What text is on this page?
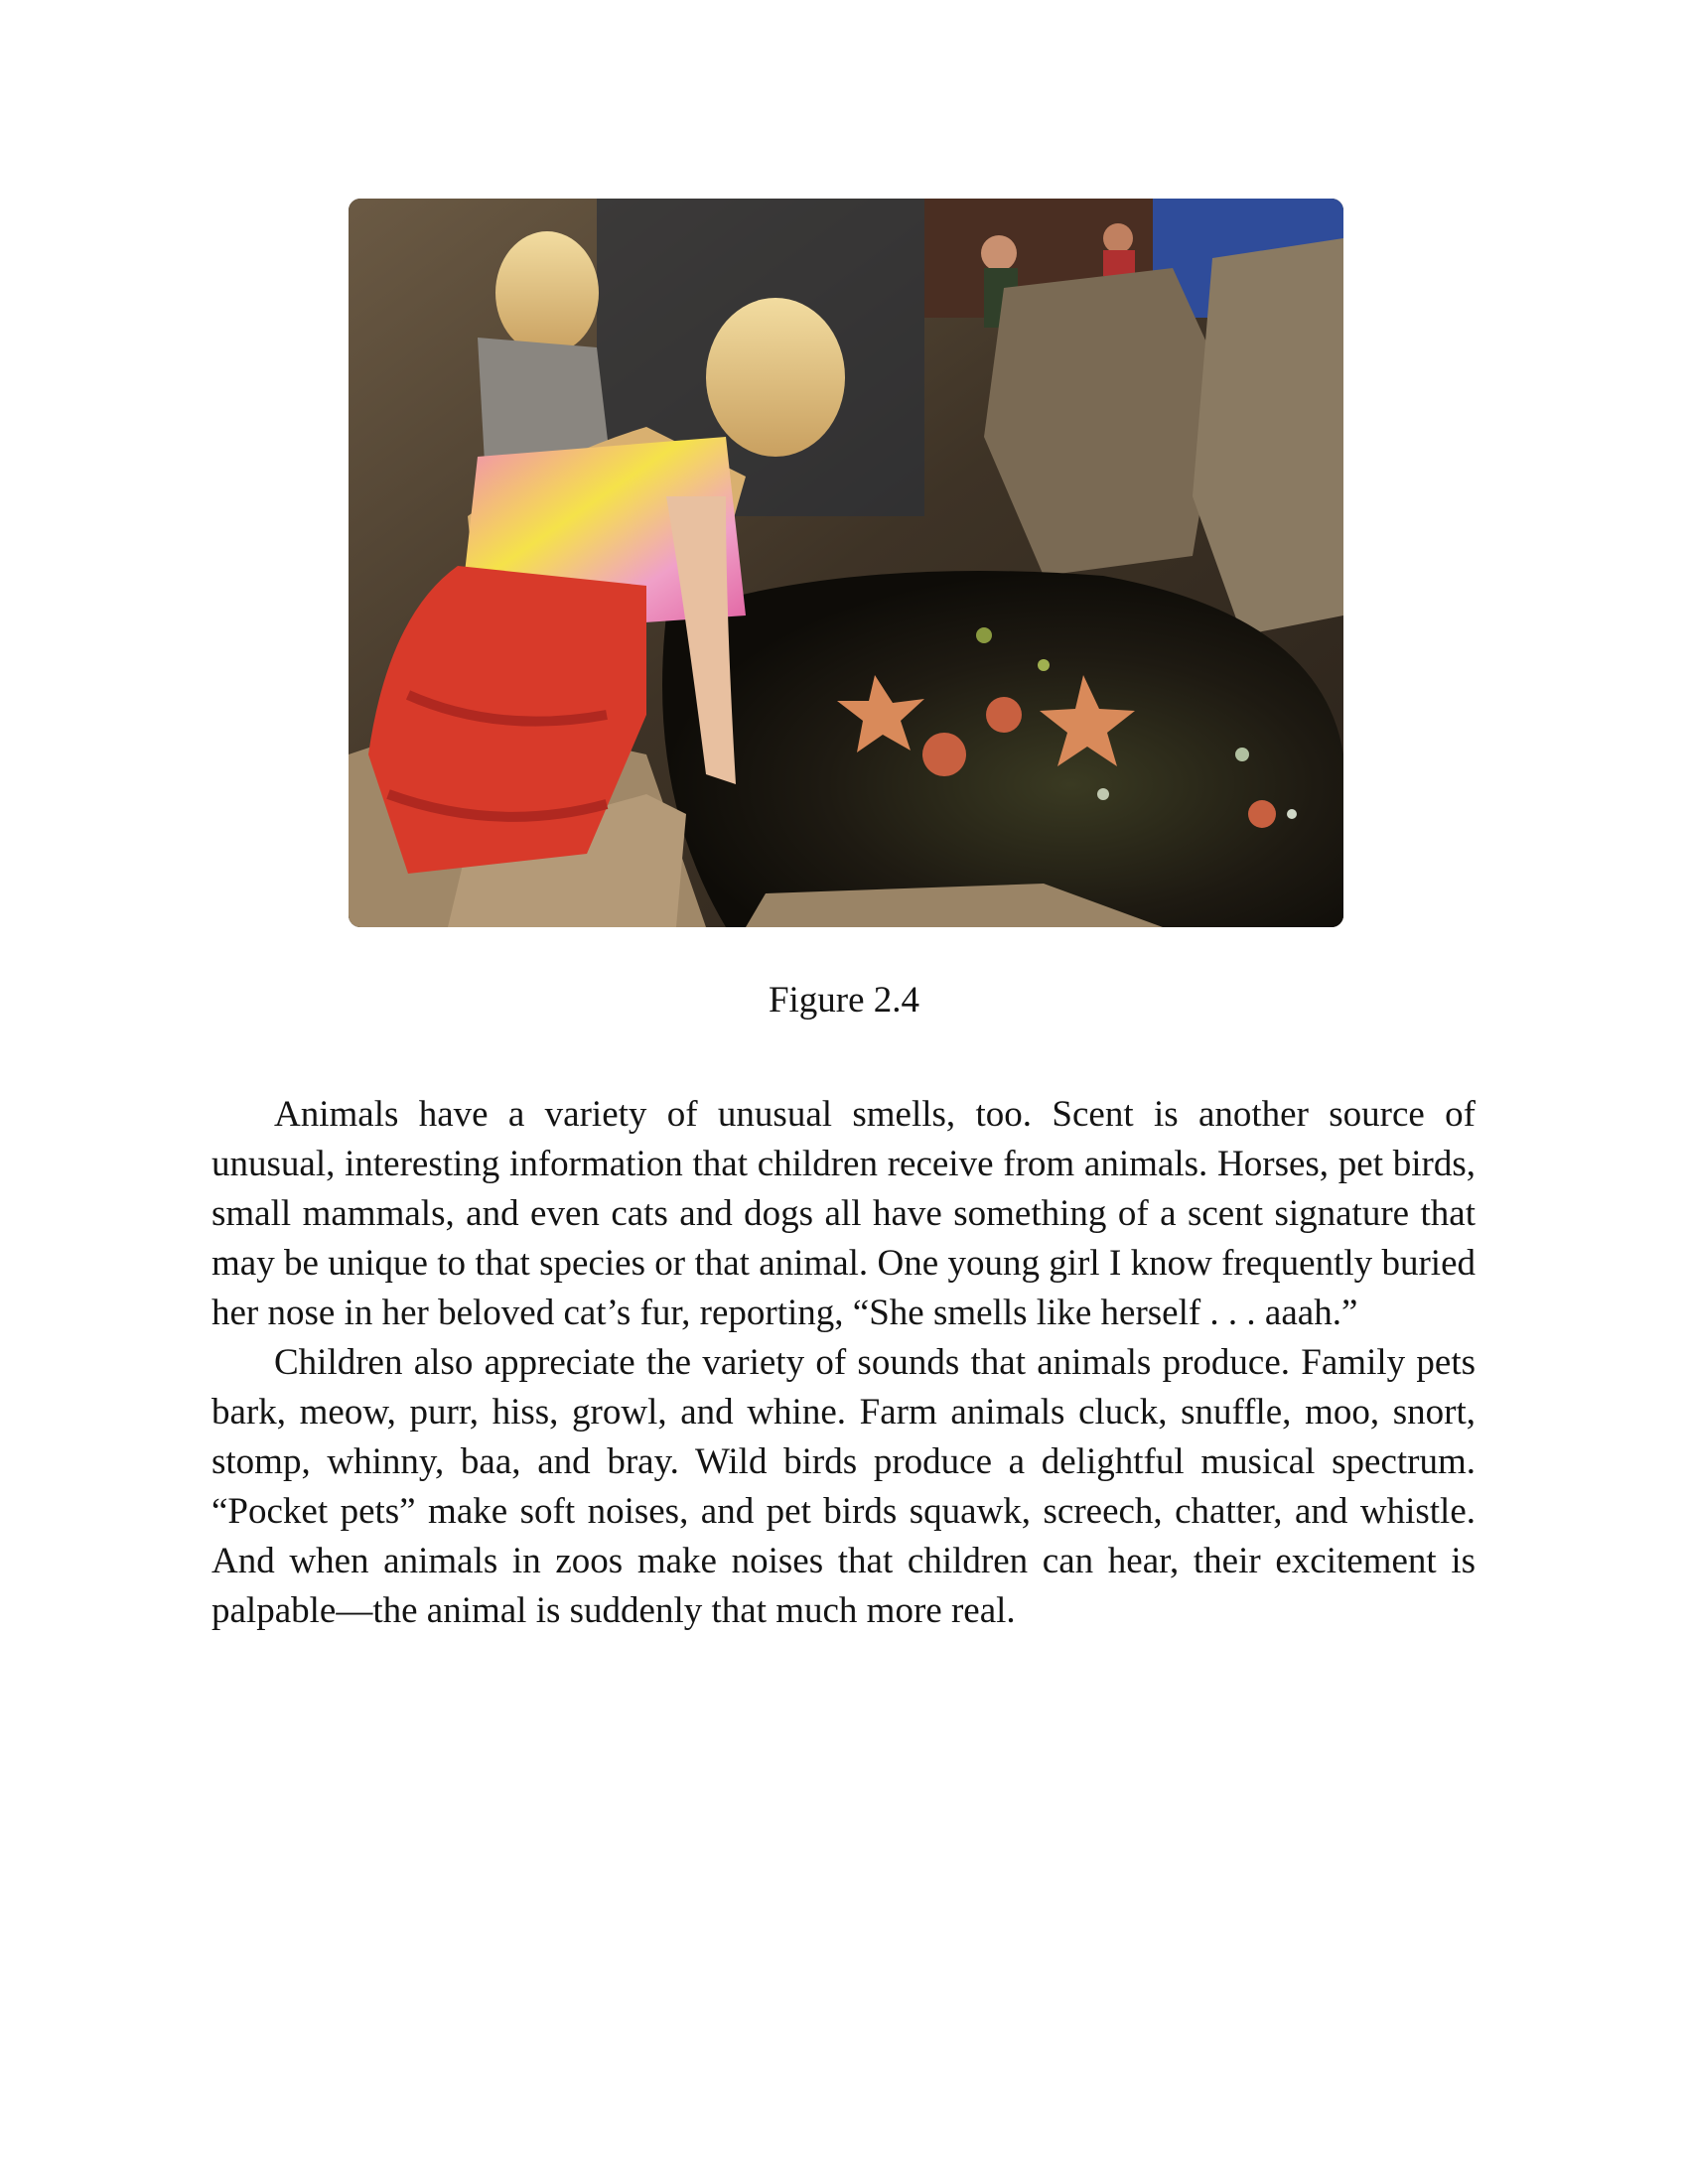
Figure 2.4

Animals have a variety of unusual smells, too. Scent is another source of unusual, interesting information that children receive from animals. Horses, pet birds, small mammals, and even cats and dogs all have something of a scent signature that may be unique to that species or that animal. One young girl I know frequently buried her nose in her beloved cat’s fur, reporting, “She smells like herself . . . aaah.”

Children also appreciate the variety of sounds that animals produce. Family pets bark, meow, purr, hiss, growl, and whine. Farm animals cluck, snuffle, moo, snort, stomp, whinny, baa, and bray. Wild birds produce a delightful musical spectrum. “Pocket pets” make soft noises, and pet birds squawk, screech, chatter, and whistle. And when animals in zoos make noises that children can hear, their excitement is palpable—the animal is suddenly that much more real.
